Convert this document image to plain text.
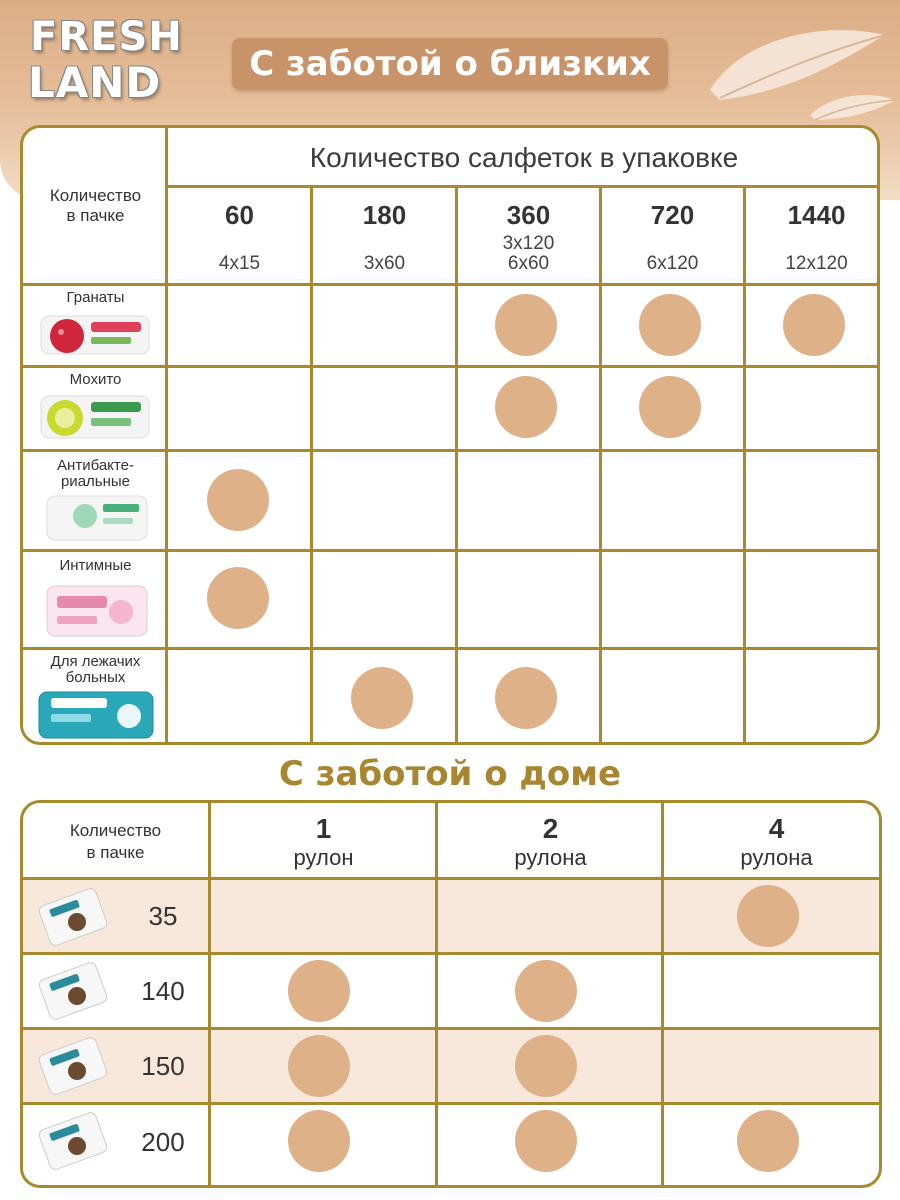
FRESH
LAND	С заботой о близких
Количество салфеток в упаковке
Количество
в пачке	60
4х15
180
3х60
360
3х120
6х60
720
6х120
1440
12х120
Гранаты
Мохито
Антибакте-
риальные
Интимные
Для лежачих
больных
С заботой о доме
Количество
в пачке
1
рулон
2
рулона
4
рулона
35
140
150
200
